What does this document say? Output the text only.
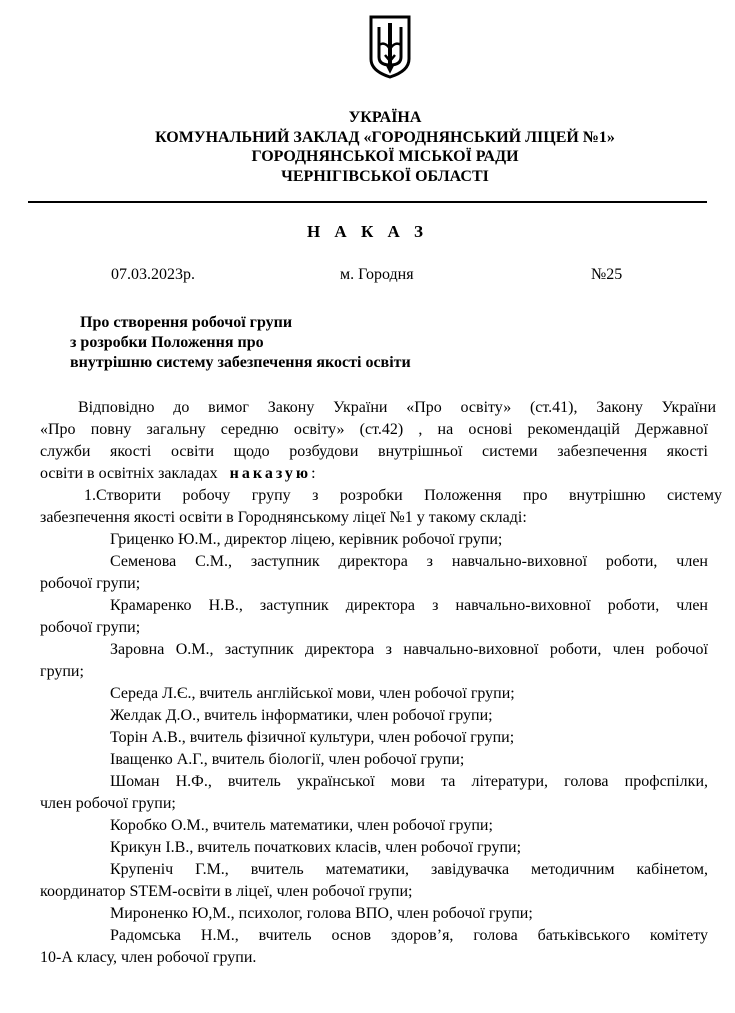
УКРАЇНА
КОМУНАЛЬНИЙ ЗАКЛАД «ГОРОДНЯНСЬКИЙ ЛІЦЕЙ №1»
ГОРОДНЯНСЬКОЇ МІСЬКОЇ РАДИ
ЧЕРНІГІВСЬКОЇ ОБЛАСТІ
Н А К А З
07.03.2023р.	м. Городня	№25
Про створення робочої групи
з розробки Положення про
внутрішню систему забезпечення якості освіти
Відповідно до вимог Закону України «Про освіту» (ст.41), Закону України
«Про повну загальну середню освіту» (ст.42) , на основі рекомендацій Державної
служби якості освіти щодо розбудови внутрішньої системи забезпечення якості
освіти в освітніх закладах наказую:
1.Створити робочу групу з розробки Положення про внутрішню систему
забезпечення якості освіти в Городнянському ліцеї №1 у такому складі:
Гриценко Ю.М., директор ліцею, керівник робочої групи;
Семенова С.М., заступник директора з навчально-виховної роботи, член
робочої групи;
Крамаренко Н.В., заступник директора з навчально-виховної роботи, член
робочої групи;
Заровна О.М., заступник директора з навчально-виховної роботи, член робочої
групи;
Середа Л.Є., вчитель англійської мови, член робочої групи;
Желдак Д.О., вчитель інформатики, член робочої групи;
Торін А.В., вчитель фізичної культури, член робочої групи;
Іващенко А.Г., вчитель біології, член робочої групи;
Шоман Н.Ф., вчитель української мови та літератури, голова профспілки,
член робочої групи;
Коробко О.М., вчитель математики, член робочої групи;
Крикун І.В., вчитель початкових класів, член робочої групи;
Крупеніч Г.М., вчитель математики, завідувачка методичним кабінетом,
координатор STEM-освіти в ліцеї, член робочої групи;
Мироненко Ю,М., психолог, голова ВПО, член робочої групи;
Радомська Н.М., вчитель основ здоров’я, голова батьківського комітету
10-А класу, член робочої групи.
